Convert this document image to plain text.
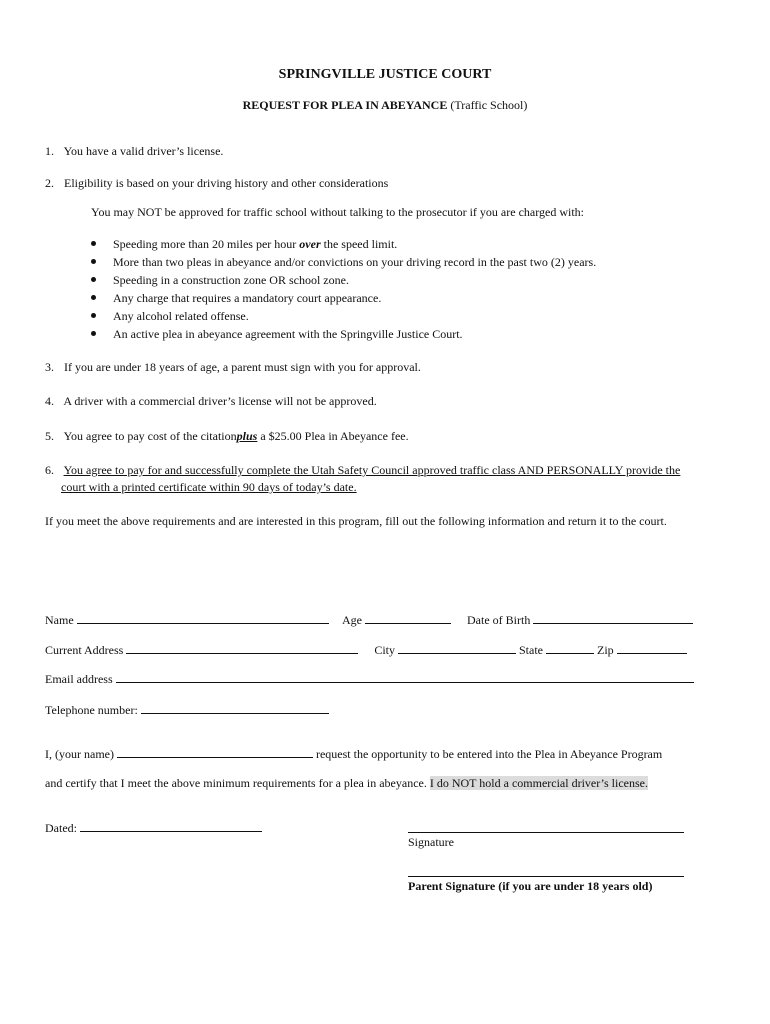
SPRINGVILLE JUSTICE COURT
REQUEST FOR PLEA IN ABEYANCE (Traffic School)
1. You have a valid driver’s license.
2. Eligibility is based on your driving history and other considerations
You may NOT be approved for traffic school without talking to the prosecutor if you are charged with:
Speeding more than 20 miles per hour over the speed limit.
More than two pleas in abeyance and/or convictions on your driving record in the past two (2) years.
Speeding in a construction zone OR school zone.
Any charge that requires a mandatory court appearance.
Any alcohol related offense.
An active plea in abeyance agreement with the Springville Justice Court.
3. If you are under 18 years of age, a parent must sign with you for approval.
4. A driver with a commercial driver’s license will not be approved.
5. You agree to pay cost of the citationplus a $25.00 Plea in Abeyance fee.
6. You agree to pay for and successfully complete the Utah Safety Council approved traffic class AND PERSONALLY provide the
court with a printed certificate within 90 days of today’s date.
If you meet the above requirements and are interested in this program, fill out the following information and return it to the court.
Name	Age	Date of Birth
Current Address	City	State	Zip
Email address
Telephone number:
I, (your name)	request the opportunity to be entered into the Plea in Abeyance Program
and certify that I meet the above minimum requirements for a plea in abeyance. I do NOT hold a commercial driver’s license.
Dated:
Signature
Parent Signature (if you are under 18 years old)
